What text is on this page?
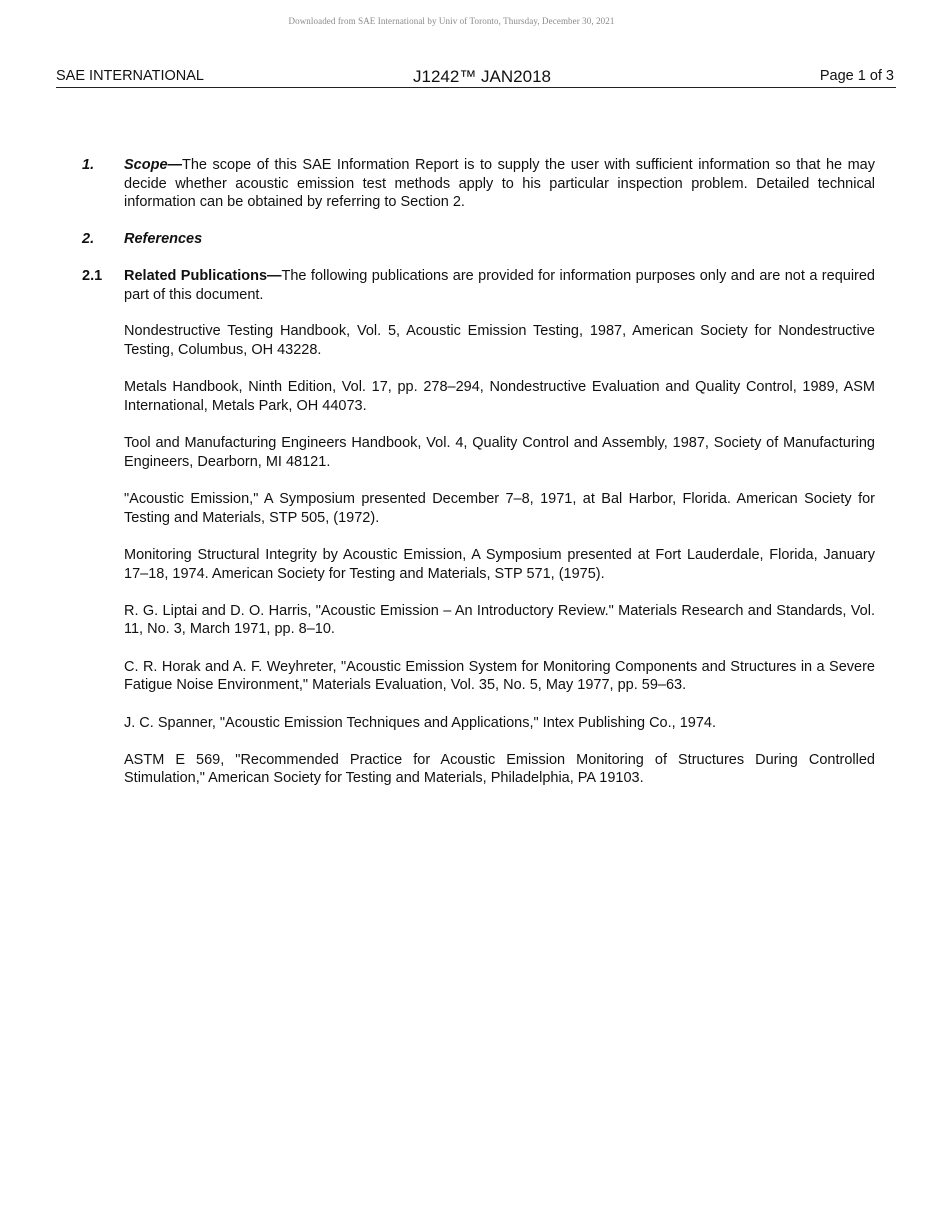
Downloaded from SAE International by Univ of Toronto, Thursday, December 30, 2021
SAE INTERNATIONAL	J1242™ JAN2018	Page 1 of 3
1.	Scope—The scope of this SAE Information Report is to supply the user with sufficient information so that he may decide whether acoustic emission test methods apply to his particular inspection problem. Detailed technical information can be obtained by referring to Section 2.
2.	References
2.1	Related Publications—The following publications are provided for information purposes only and are not a required part of this document.

Nondestructive Testing Handbook, Vol. 5, Acoustic Emission Testing, 1987, American Society for Nondestructive Testing, Columbus, OH 43228.

Metals Handbook, Ninth Edition, Vol. 17, pp. 278–294, Nondestructive Evaluation and Quality Control, 1989, ASM International, Metals Park, OH 44073.

Tool and Manufacturing Engineers Handbook, Vol. 4, Quality Control and Assembly, 1987, Society of Manufacturing Engineers, Dearborn, MI 48121.

"Acoustic Emission," A Symposium presented December 7–8, 1971, at Bal Harbor, Florida. American Society for Testing and Materials, STP 505, (1972).

Monitoring Structural Integrity by Acoustic Emission, A Symposium presented at Fort Lauderdale, Florida, January 17–18, 1974. American Society for Testing and Materials, STP 571, (1975).

R. G. Liptai and D. O. Harris, "Acoustic Emission – An Introductory Review." Materials Research and Standards, Vol. 11, No. 3, March 1971, pp. 8–10.

C. R. Horak and A. F. Weyhreter, "Acoustic Emission System for Monitoring Components and Structures in a Severe Fatigue Noise Environment," Materials Evaluation, Vol. 35, No. 5, May 1977, pp. 59–63.

J. C. Spanner, "Acoustic Emission Techniques and Applications," Intex Publishing Co., 1974.

ASTM E 569, "Recommended Practice for Acoustic Emission Monitoring of Structures During Controlled Stimulation," American Society for Testing and Materials, Philadelphia, PA 19103.
